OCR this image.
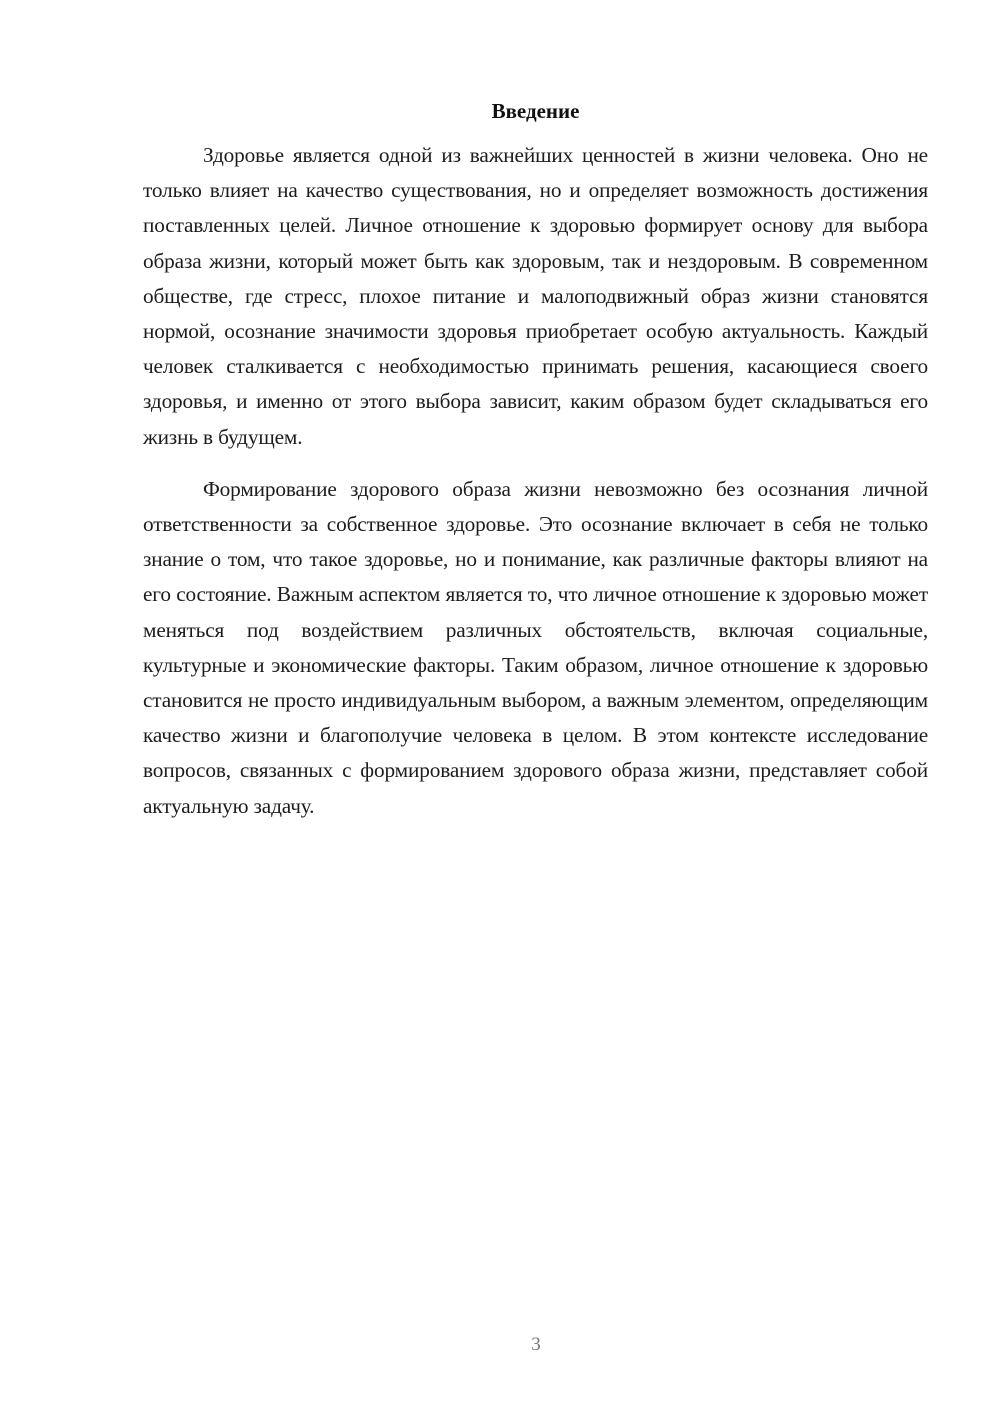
Введение

Здоровье является одной из важнейших ценностей в жизни человека. Оно не только влияет на качество существования, но и определяет возможность достижения поставленных целей. Личное отношение к здоровью формирует основу для выбора образа жизни, который может быть как здоровым, так и нездоровым. В современном обществе, где стресс, плохое питание и малоподвижный образ жизни становятся нормой, осознание значимости здоровья приобретает особую актуальность. Каждый человек сталкивается с необходимостью принимать решения, касающиеся своего здоровья, и именно от этого выбора зависит, каким образом будет складываться его жизнь в будущем.

Формирование здорового образа жизни невозможно без осознания личной ответственности за собственное здоровье. Это осознание включает в себя не только знание о том, что такое здоровье, но и понимание, как различные факторы влияют на его состояние. Важным аспектом является то, что личное отношение к здоровью может меняться под воздействием различных обстоятельств, включая социальные, культурные и экономические факторы. Таким образом, личное отношение к здоровью становится не просто индивидуальным выбором, а важным элементом, определяющим качество жизни и благополучие человека в целом. В этом контексте исследование вопросов, связанных с формированием здорового образа жизни, представляет собой актуальную задачу.

3
